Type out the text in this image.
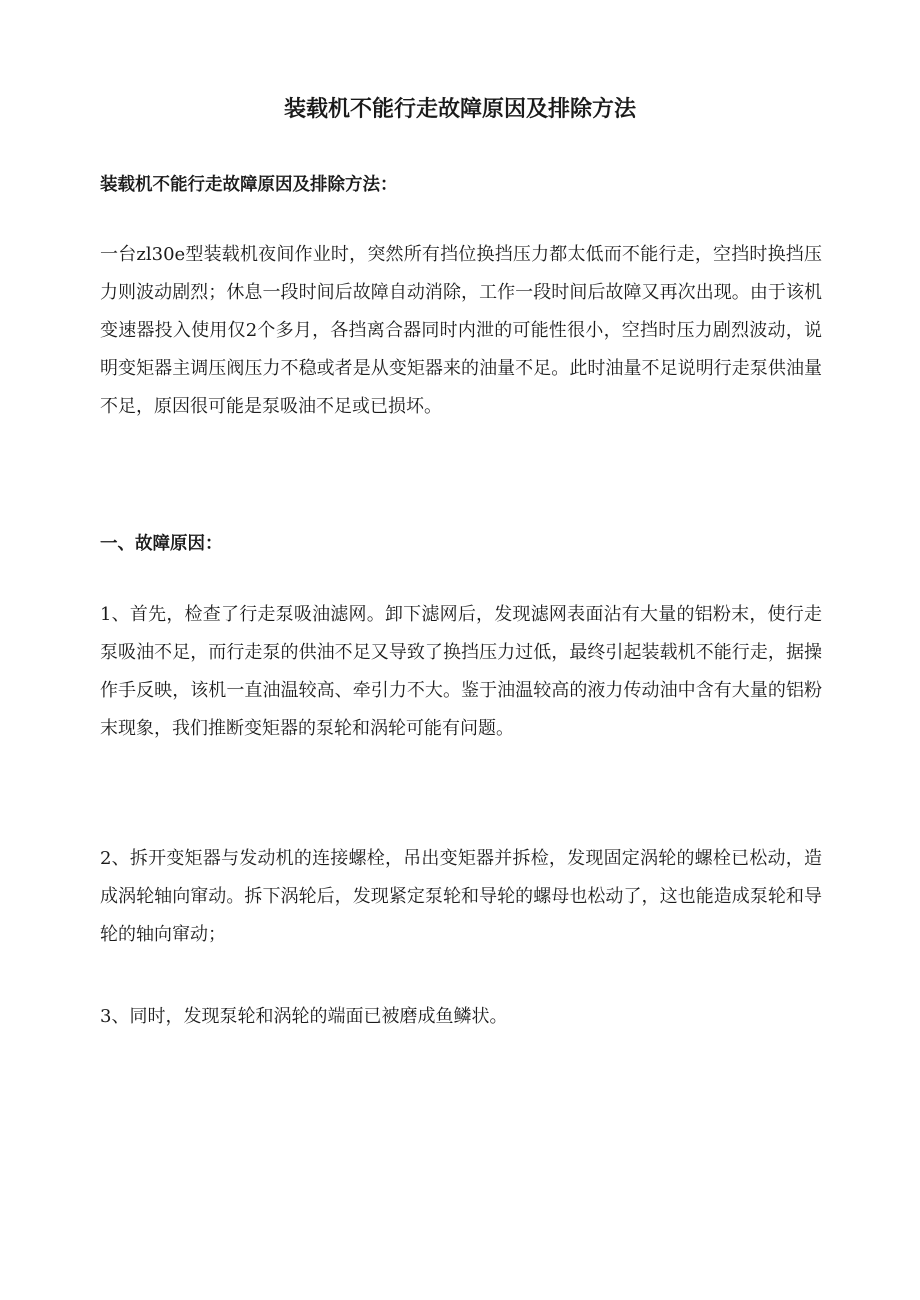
装载机不能行走故障原因及排除方法
装载机不能行走故障原因及排除方法：

一台zl30e型装载机夜间作业时，突然所有挡位换挡压力都太低而不能行走，空挡时换挡压力则波动剧烈；休息一段时间后故障自动消除，工作一段时间后故障又再次出现。由于该机变速器投入使用仅2个多月，各挡离合器同时内泄的可能性很小，空挡时压力剧烈波动，说明变矩器主调压阀压力不稳或者是从变矩器来的油量不足。此时油量不足说明行走泵供油量不足，原因很可能是泵吸油不足或已损坏。

一、故障原因：

1、首先，检查了行走泵吸油滤网。卸下滤网后，发现滤网表面沾有大量的铝粉末，使行走泵吸油不足，而行走泵的供油不足又导致了换挡压力过低，最终引起装载机不能行走，据操作手反映，该机一直油温较高、牵引力不大。鉴于油温较高的液力传动油中含有大量的铝粉末现象，我们推断变矩器的泵轮和涡轮可能有问题。

2、拆开变矩器与发动机的连接螺栓，吊出变矩器并拆检，发现固定涡轮的螺栓已松动，造成涡轮轴向窜动。拆下涡轮后，发现紧定泵轮和导轮的螺母也松动了，这也能造成泵轮和导轮的轴向窜动；

3、同时，发现泵轮和涡轮的端面已被磨成鱼鳞状。
